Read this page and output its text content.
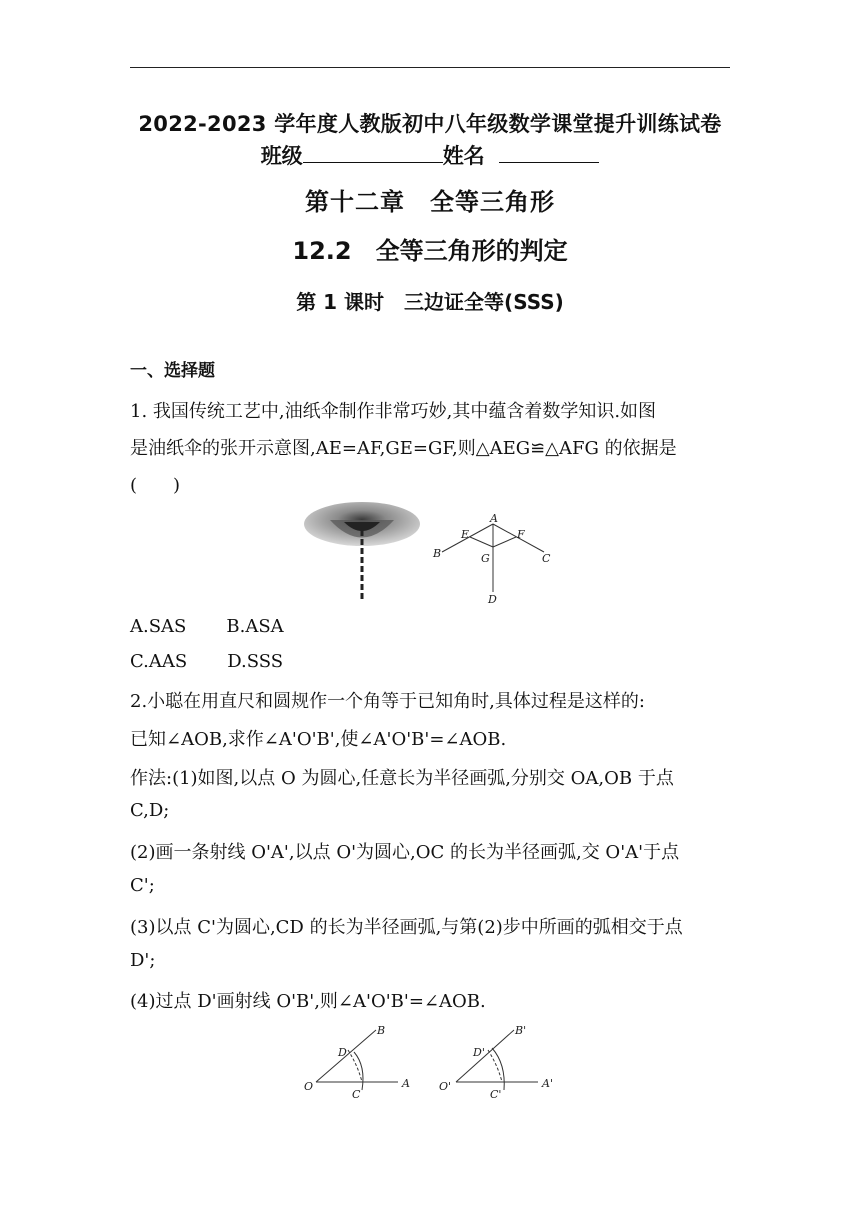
2022-2023 学年度人教版初中八年级数学课堂提升训练试卷
班级	姓名
第十二章　全等三角形
12.2　全等三角形的判定
第 1 课时　三边证全等(SSS)
一、选择题
1. 我国传统工艺中,油纸伞制作非常巧妙,其中蕴含着数学知识.如图
是油纸伞的张开示意图,AE=AF,GE=GF,则△AEG≌△AFG 的依据是
(　　)
A
B	C
D
E	F
G
A.SAS B.ASA
C.AAS D.SSS
2.小聪在用直尺和圆规作一个角等于已知角时,具体过程是这样的:
已知∠AOB,求作∠A'O'B',使∠A'O'B'=∠AOB.
作法:(1)如图,以点 O 为圆心,任意长为半径画弧,分别交 OA,OB 于点
C,D;
(2)画一条射线 O'A',以点 O'为圆心,OC 的长为半径画弧,交 O'A'于点
C';
(3)以点 C'为圆心,CD 的长为半径画弧,与第(2)步中所画的弧相交于点
D';
(4)过点 D'画射线 O'B',则∠A'O'B'=∠AOB.
O	A
B
C
D
O'	A'
B'
C'
D'
